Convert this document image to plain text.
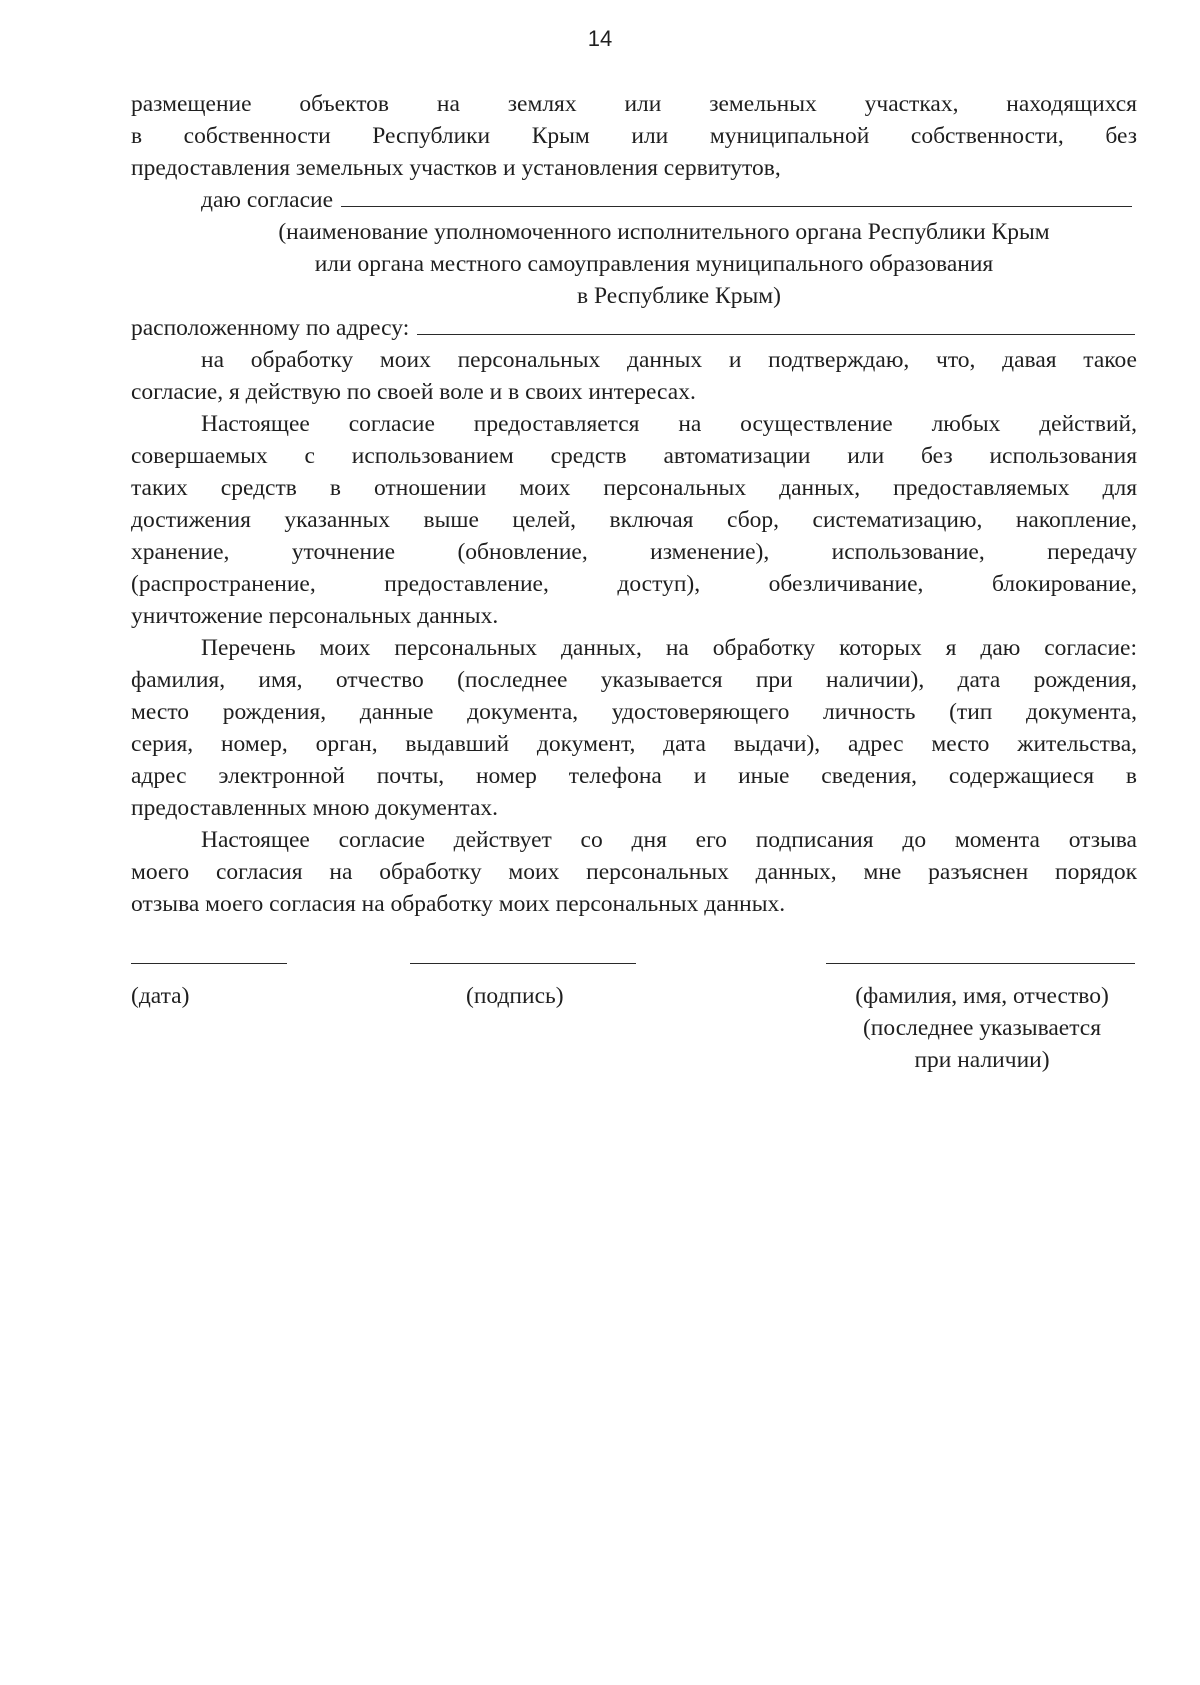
14
размещение объектов на землях или земельных участках, находящихся
в собственности Республики Крым или муниципальной собственности, без
предоставления земельных участков и установления сервитутов,
даю согласие
(наименование уполномоченного исполнительного органа Республики Крым
или органа местного самоуправления муниципального образования
в Республике Крым)
расположенному по адресу:
на обработку моих персональных данных и подтверждаю, что, давая такое
согласие, я действую по своей воле и в своих интересах.
Настоящее согласие предоставляется на осуществление любых действий,
совершаемых с использованием средств автоматизации или без использования
таких средств в отношении моих персональных данных, предоставляемых для
достижения указанных выше целей, включая сбор, систематизацию, накопление,
хранение, уточнение (обновление, изменение), использование, передачу
(распространение, предоставление, доступ), обезличивание, блокирование,
уничтожение персональных данных.
Перечень моих персональных данных, на обработку которых я даю согласие:
фамилия, имя, отчество (последнее указывается при наличии), дата рождения,
место рождения, данные документа, удостоверяющего личность (тип документа,
серия, номер, орган, выдавший документ, дата выдачи), адрес место жительства,
адрес электронной почты, номер телефона и иные сведения, содержащиеся в
предоставленных мною документах.
Настоящее согласие действует со дня его подписания до момента отзыва
моего согласия на обработку моих персональных данных, мне разъяснен порядок
отзыва моего согласия на обработку моих персональных данных.
(дата)	(подпись)	(фамилия, имя, отчество)
(последнее указывается
при наличии)
